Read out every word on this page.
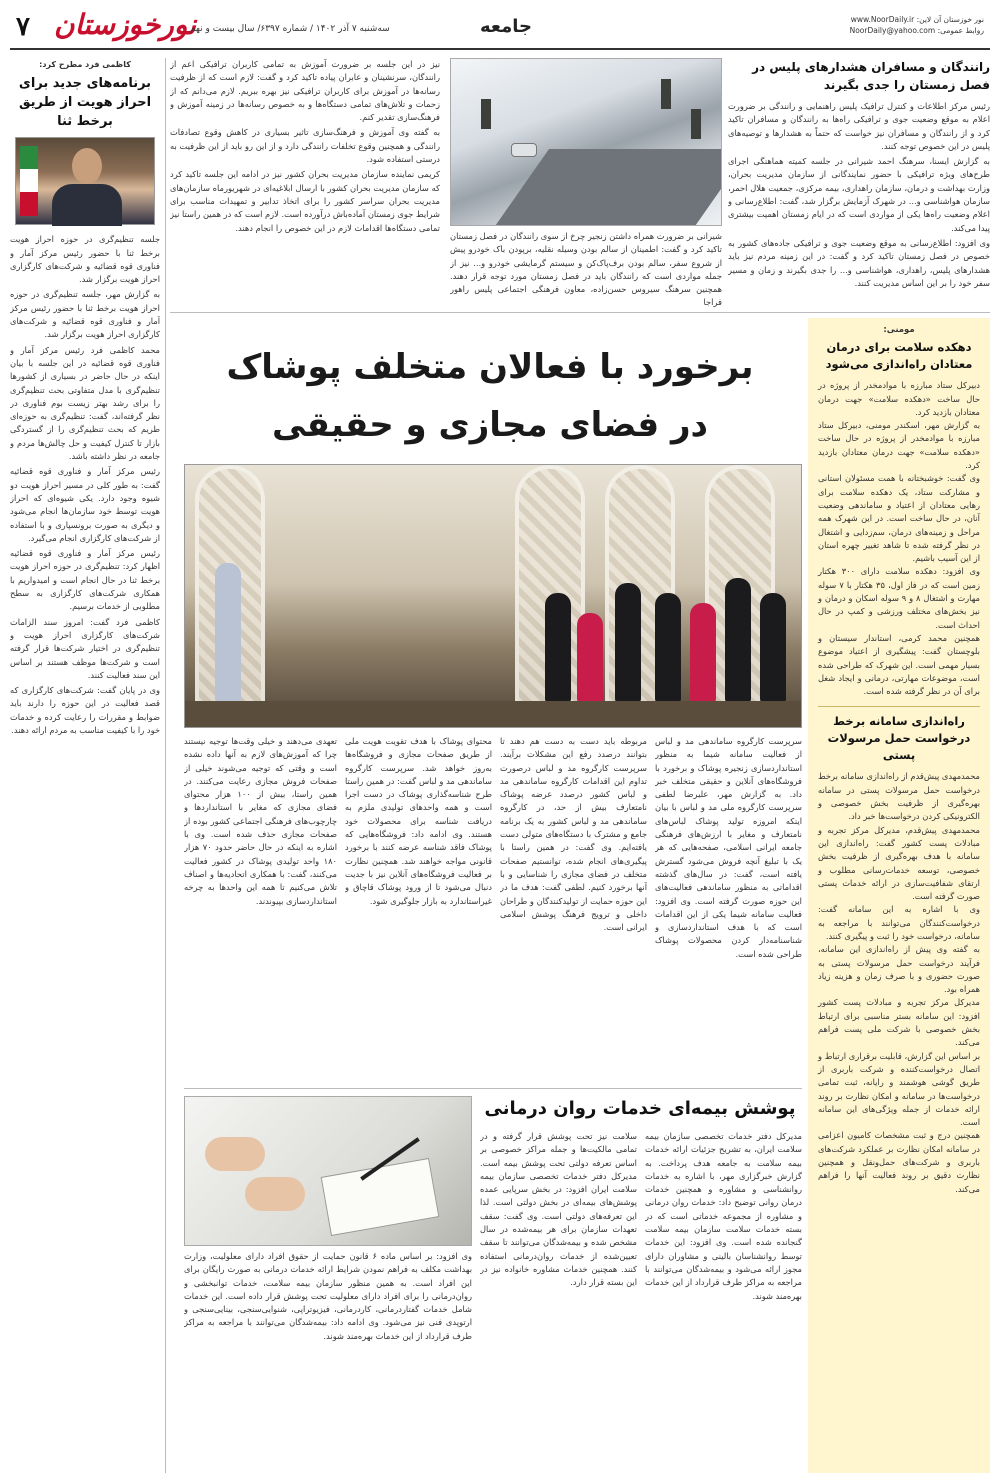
۷ نورخوزستان
سه‌شنبه ۷ آذر ۱۴۰۲ / شماره ۶۳۹۷/ سال بیست و نهم	جامعه	نور خوزستان آن لاین: www.NoorDaily.ir
روابط عمومی: NoorDaily@yahoo.com
کاظمی فرد مطرح کرد:
برنامه‌های جدید برای احراز هویت از طریق برخط ثنا

جلسه تنظیم‌گری در حوزه احراز هویت برخط ثنا با حضور رئیس مرکز آمار و فناوری قوه قضائیه و شرکت‌های کارگزاری احراز هویت برگزار شد.

به گزارش مهر، جلسه تنظیم‌گری در حوزه احراز هویت برخط ثنا با حضور رئیس مرکز آمار و فناوری قوه قضائیه و شرکت‌های کارگزاری احراز هویت برگزار شد.

محمد کاظمی فرد رئیس مرکز آمار و فناوری قوه قضائیه در این جلسه با بیان اینکه در حال حاضر در بسیاری از کشورها تنظیم‌گری با مدل متفاوتی بحث تنظیم‌گری را برای رشد بهتر زیست بوم فناوری در نظر گرفته‌اند، گفت: تنظیم‌گری به حوزه‌ای طریم که بحث تنظیم‌گری را از گستردگی بازار تا کنترل کیفیت و حل چالش‌ها مردم و جامعه در نظر داشته باشد.

رئیس مرکز آمار و فناوری قوه قضائیه گفت: به طور کلی در مسیر احراز هویت دو شیوه وجود دارد. یکی شیوه‌ای که احراز هویت توسط خود سازمان‌ها انجام می‌شود و دیگری به صورت برونسپاری و با استفاده از شرکت‌های کارگزاری انجام می‌گیرد.

رئیس مرکز آمار و فناوری قوه قضائیه اظهار کرد: تنظیم‌گری در حوزه احراز هویت برخط ثنا در حال انجام است و امیدواریم با همکاری شرکت‌های کارگزاری به سطح مطلوبی از خدمات برسیم.

کاظمی فرد گفت: امروز سند الزامات شرکت‌های کارگزاری احراز هویت و تنظیم‌گری در اختیار شرکت‌ها قرار گرفته است و شرکت‌ها موظف هستند بر اساس این سند فعالیت کنند.

وی در پایان گفت: شرکت‌های کارگزاری که قصد فعالیت در این حوزه را دارند باید ضوابط و مقررات را رعایت کرده و خدمات خود را با کیفیت مناسب به مردم ارائه دهند.

رانندگان و مسافران هشدارهای پلیس در فصل زمستان را جدی بگیرند

رئیس مرکز اطلاعات و کنترل ترافیک پلیس راهنمایی و رانندگی بر ضرورت اعلام به موقع وضعیت جوی و ترافیکی راه‌ها به رانندگان و مسافران تاکید کرد و از رانندگان و مسافران نیز خواست که حتماً به هشدارها و توصیه‌های پلیس در این خصوص توجه کنند.

به گزارش ایسنا، سرهنگ احمد شیرانی در جلسه کمیته هماهنگی اجرای طرح‌های ویژه ترافیکی با حضور نمایندگانی از سازمان مدیریت بحران، وزارت بهداشت و درمان، سازمان راهداری، بیمه مرکزی، جمعیت هلال احمر، سازمان هواشناسی و... در شهرک آزمایش برگزار شد، گفت: اطلاع‌رسانی و اعلام وضعیت راه‌ها یکی از مواردی است که در ایام زمستان اهمیت بیشتری پیدا می‌کند.

وی افزود: اطلاع‌رسانی به موقع وضعیت جوی و ترافیکی جاده‌های کشور به خصوص در فصل زمستان تاکید کرد و گفت: در این زمینه مردم نیز باید هشدارهای پلیس، راهداری، هواشناسی و... را جدی بگیرند و زمان و مسیر سفر خود را بر این اساس مدیریت کنند.

شیرانی بر ضرورت همراه داشتن زنجیر چرخ از سوی رانندگان در فصل زمستان تاکید کرد و گفت: اطمینان از سالم بودن وسیله نقلیه، برپودن باک خودرو پیش از شروع سفر، سالم بودن برف‌پاک‌کن و سیستم گرمایشی خودرو و... نیز از جمله مواردی است که رانندگان باید در فصل زمستان مورد توجه قرار دهند. همچنین سرهنگ سیروس حسن‌زاده، معاون فرهنگی اجتماعی پلیس راهور فراجا

نیز در این جلسه بر ضرورت آموزش به تمامی کاربران ترافیکی اعم از رانندگان، سرنشینان و عابران پیاده تاکید کرد و گفت: لازم است که از ظرفیت رسانه‌ها در آموزش برای کاربران ترافیکی نیز بهره ببریم. لازم می‌دانم که از زحمات و تلاش‌های تمامی دستگاه‌ها و به خصوص رسانه‌ها در زمینه آموزش و فرهنگ‌سازی تقدیر کنم.

به گفته وی آموزش و فرهنگ‌سازی تاثیر بسیاری در کاهش وقوع تصادفات رانندگی و همچنین وقوع تخلفات رانندگی دارد و از این رو باید از این ظرفیت به درستی استفاده شود.

کریمی نماینده سازمان مدیریت بحران کشور نیز در ادامه این جلسه تاکید کرد که سازمان مدیریت بحران کشور با ارسال ابلاغیه‌ای در شهریورماه سازمان‌های مدیریت بحران سراسر کشور را برای اتخاذ تدابیر و تمهیدات مناسب برای شرایط جوی زمستان آماده‌باش درآورده است. لازم است که در همین راستا نیز تمامی دستگاه‌ها اقدامات لازم در این خصوص را انجام دهند.

مومنی:
دهکده سلامت برای درمان معتادان راه‌اندازی می‌شود

دبیرکل ستاد مبارزه با موادمخدر از پروژه در حال ساخت «دهکده سلامت» جهت درمان معتادان بازدید کرد.

به گزارش مهر، اسکندر مومنی، دبیرکل ستاد مبارزه با موادمخدر از پروژه در حال ساخت «دهکده سلامت» جهت درمان معتادان بازدید کرد.

وی گفت: خوشبختانه با همت مسئولان استانی و مشارکت ستاد، یک دهکده سلامت برای رهایی معتادان از اعتیاد و ساماندهی وضعیت آنان، در حال ساخت است. در این شهرک همه مراحل و زمینه‌های درمان، سم‌زدایی و اشتغال در نظر گرفته شده تا شاهد تغییر چهره استان از این آسیب باشیم.

وی افزود: دهکده سلامت دارای ۳۰۰ هکتار زمین است که در فاز اول، ۳۵ هکتار با ۷ سوله مهارت و اشتغال ۸ و ۹ سوله اسکان و درمان و نیز بخش‌های مختلف ورزشی و کمپ در حال احداث است.

همچنین محمد کرمی، استاندار سیستان و بلوچستان گفت: پیشگیری از اعتیاد موضوع بسیار مهمی است. این شهرک که طراحی شده است، موضوعات مهارتی، درمانی و ایجاد شغل برای آن در نظر گرفته شده است.

راه‌اندازی سامانه برخط درخواست حمل مرسولات پستی

محمدمهدی پیش‌قدم از راه‌اندازی سامانه برخط درخواست حمل مرسولات پستی در سامانه بهره‌گیری از ظرفیت بخش خصوصی و الکترونیکی کردن درخواست‌ها خبر داد.

محمدمهدی پیش‌قدم، مدیرکل مرکز تجربه و مبادلات پست کشور گفت: راه‌اندازی این سامانه با هدف بهره‌گیری از ظرفیت بخش خصوصی، توسعه خدمات‌رسانی مطلوب و ارتقای شفافیت‌سازی در ارائه خدمات پستی صورت گرفته است.

وی با اشاره به این سامانه گفت: درخواست‌کنندگان می‌توانند با مراجعه به سامانه، درخواست خود را ثبت و پیگیری کنند.

به گفته وی پیش از راه‌اندازی این سامانه، فرآیند درخواست حمل مرسولات پستی به صورت حضوری و با صرف زمان و هزینه زیاد همراه بود.

مدیرکل مرکز تجربه و مبادلات پست کشور افزود: این سامانه بستر مناسبی برای ارتباط بخش خصوصی با شرکت ملی پست فراهم می‌کند.

بر اساس این گزارش، قابلیت برقراری ارتباط و اتصال درخواست‌کننده و شرکت باربری از طریق گوشی هوشمند و رایانه، ثبت تمامی درخواست‌ها در سامانه و امکان نظارت بر روند ارائه خدمات از جمله ویژگی‌های این سامانه است.

همچنین درج و ثبت مشخصات کامیون اعزامی در سامانه امکان نظارت بر عملکرد شرکت‌های باربری و شرکت‌های حمل‌ونقل و همچنین نظارت دقیق بر روند فعالیت آنها را فراهم می‌کند.

برخورد با فعالان متخلف پوشاک
در فضای مجازی و حقیقی

سرپرست کارگروه ساماندهی مد و لباس از فعالیت سامانه شیما به منظور استانداردسازی زنجیره پوشاک و برخورد با فروشگاه‌های آنلاین و حقیقی متخلف خبر داد. به گزارش مهر، علیرضا لطفی سرپرست کارگروه ملی مد و لباس با بیان اینکه امروزه تولید پوشاک لباس‌های نامتعارف و مغایر با ارزش‌های فرهنگی جامعه ایرانی اسلامی، صفحه‌هایی که هر یک با تبلیغ آنچه فروش می‌شود گسترش یافته است، گفت: در سال‌های گذشته اقداماتی به منظور ساماندهی فعالیت‌های این حوزه صورت گرفته است. وی افزود: فعالیت سامانه شیما یکی از این اقدامات است که با هدف استانداردسازی و شناسنامه‌دار کردن محصولات پوشاک طراحی شده است.

مربوطه باید دست به دست هم دهند تا بتوانند درصدد رفع این مشکلات برآیند. سرپرست کارگروه مد و لباس درصورت تداوم این اقدامات کارگروه ساماندهی مد و لباس کشور درصدد عرضه پوشاک نامتعارف بیش از حد، در کارگروه ساماندهی مد و لباس کشور به یک برنامه جامع و مشترک با دستگاه‌های متولی دست یافته‌ایم. وی گفت: در همین راستا با پیگیری‌های انجام شده، توانستیم صفحات متخلف در فضای مجازی را شناسایی و با آنها برخورد کنیم. لطفی گفت: هدف ما در این حوزه حمایت از تولیدکنندگان و طراحان داخلی و ترویج فرهنگ پوشش اسلامی ایرانی است.

محتوای پوشاک با هدف تقویت هویت ملی از طریق صفحات مجازی و فروشگاه‌ها به‌روز خواهد شد. سرپرست کارگروه ساماندهی مد و لباس گفت: در همین راستا طرح شناسه‌گذاری پوشاک در دست اجرا است و همه واحدهای تولیدی ملزم به دریافت شناسه برای محصولات خود هستند. وی ادامه داد: فروشگاه‌هایی که پوشاک فاقد شناسه عرضه کنند با برخورد قانونی مواجه خواهند شد. همچنین نظارت بر فعالیت فروشگاه‌های آنلاین نیز با جدیت دنبال می‌شود تا از ورود پوشاک قاچاق و غیراستاندارد به بازار جلوگیری شود.

تعهدی می‌دهند و خیلی وقت‌ها توجیه نیستند چرا که آموزش‌های لازم به آنها داده نشده است و وقتی که توجیه می‌شوند خیلی از صفحات فروش مجازی رعایت می‌کنند. در همین راستا، بیش از ۱۰۰ هزار محتوای فضای مجازی که مغایر با استانداردها و چارچوب‌های فرهنگی اجتماعی کشور بوده از صفحات مجازی حذف شده است. وی با اشاره به اینکه در حال حاضر حدود ۷۰ هزار ۱۸۰ واحد تولیدی پوشاک در کشور فعالیت می‌کنند، گفت: با همکاری اتحادیه‌ها و اصناف تلاش می‌کنیم تا همه این واحدها به چرخه استانداردسازی بپیوندند.

پوشش بیمه‌ای خدمات روان درمانی

مدیرکل دفتر خدمات تخصصی سازمان بیمه سلامت ایران، به تشریح جزئیات ارائه خدمات بیمه سلامت به جامعه هدف پرداخت. به گزارش خبرگزاری مهر، با اشاره به خدمات روانشناسی و مشاوره و همچنین خدمات درمان روانی توضیح داد: خدمات روان درمانی و مشاوره از مجموعه خدماتی است که در بسته خدمات سلامت سازمان بیمه سلامت گنجانده شده است. وی افزود: این خدمات توسط روانشناسان بالینی و مشاوران دارای مجوز ارائه می‌شود و بیمه‌شدگان می‌توانند با مراجعه به مراکز طرف قرارداد از این خدمات بهره‌مند شوند.

سلامت نیز تحت پوشش قرار گرفته و در تمامی مالکیت‌ها و جمله مراکز خصوصی بر اساس تعرفه دولتی تحت پوشش بیمه است. مدیرکل دفتر خدمات تخصصی سازمان بیمه سلامت ایران افزود: در بخش سرپایی عمده پوشش‌های بیمه‌ای در بخش دولتی است. لذا این تعرفه‌های دولتی است. وی گفت: سقف تعهدات سازمان برای هر بیمه‌شده در سال مشخص شده و بیمه‌شدگان می‌توانند تا سقف تعیین‌شده از خدمات روان‌درمانی استفاده کنند. همچنین خدمات مشاوره خانواده نیز در این بسته قرار دارد.

وی افزود: بر اساس ماده ۶ قانون حمایت از حقوق افراد دارای معلولیت، وزارت بهداشت مکلف به فراهم نمودن شرایط ارائه خدمات درمانی به صورت رایگان برای این افراد است. به همین منظور سازمان بیمه سلامت، خدمات توانبخشی و روان‌درمانی را برای افراد دارای معلولیت تحت پوشش قرار داده است. این خدمات شامل خدمات گفتاردرمانی، کاردرمانی، فیزیوتراپی، شنوایی‌سنجی، بینایی‌سنجی و ارتوپدی فنی نیز می‌شود. وی ادامه داد: بیمه‌شدگان می‌توانند با مراجعه به مراکز طرف قرارداد از این خدمات بهره‌مند شوند.
